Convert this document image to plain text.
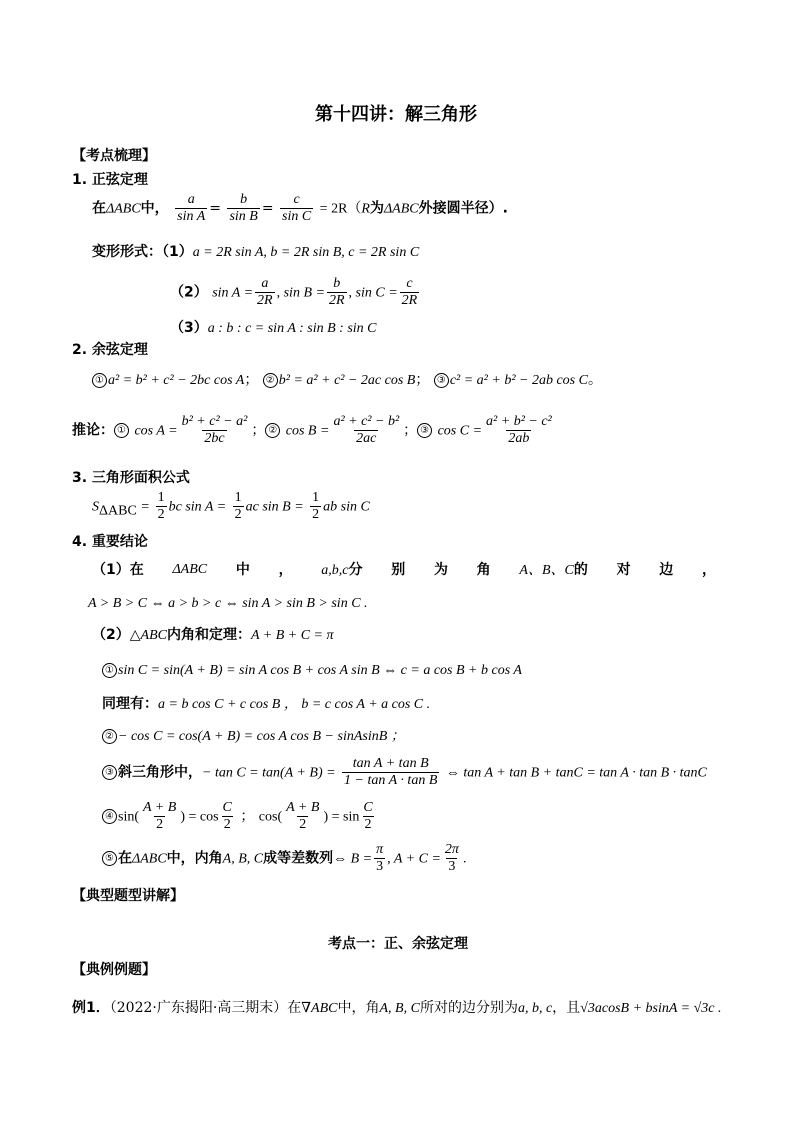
第十四讲：解三角形
【考点梳理】
1. 正弦定理
在ΔABC中， $\frac{a}{\text{sin A}} = \frac{b}{\text{sin B}} = \frac{c}{\text{sin C}} = 2R(R$为ΔABC外接圆半径）.
变形形式：（1）a = 2R sin A, b = 2R sin B, c = 2R sin C
（2） $\sin A = \frac{a}{2R}$ , $\sin B = \frac{b}{2R}$ , $\sin C = \frac{c}{2R}$
（3）a : b : c = sin A : sin B : sin C
2. 余弦定理
① a² = b² + c² − 2bc cos A； ② b² = a² + c² − 2ac cos B； ③ c² = a² + b² − 2ab cos C。
推论： ① $\cos A = \frac{\text{b² + c² − a²}}{2bc}$ ； ② $\cos B = \frac{\text{a² + c² − b²}}{2ac}$ ； ③ $\cos C = \frac{\text{a² + b² − c²}}{2ab}$
3. 三角形面积公式
$S_{\Delta ABC} = \frac{1}{2}$ bc $\sin A = \frac{1}{2}$ ac $\sin B = \frac{1}{2}$ ab sin C
4. 重要结论
（1）在 ΔABC 中 ， a,b,c分 别 为 角 A、B、C的 对 边 ，
A > B > C ⇔ a > b > c ⇔ sin A > sin B > sin C .
（2）△ABC内角和定理：A + B + C = π
① sin C = sin(A + B) = sin A cos B + cos A sin B ⇔ c = a cos B + b cos A
同理有：a = b cos C + c cos B ， b = c cos A + a cos C .
② − cos C = cos(A + B) = cos A cos B − sinAsinB ；
③ 斜三角形中，− $\tan C = \tan(A + B) = \frac{\text{tan A + tan B}}{\text{1 − tan A · tan B}}$ ⇔ tan A + tan B + tanC = tan A · tan B · tanC
④ $\sin( \frac{A + B}{2}$ ) = $\cos \frac{C}{2}$ ； $\cos( \frac{A + B}{2}$ ) = $\sin \frac{C}{2}$
⑤ 在ΔABC中，内角A, B, C成等差数列⇔ $B = \frac{\pi}{3}$ , $A + C = \frac{2\pi}{3}$ .
【典型题型讲解】
考点一：正、余弦定理
【典例例题】
例1．（2022·广东揭阳·高三期末）在∇ABC中，角A, B, C所对的边分别为a, b, c，且√3acosB + bsinA = √3c .
